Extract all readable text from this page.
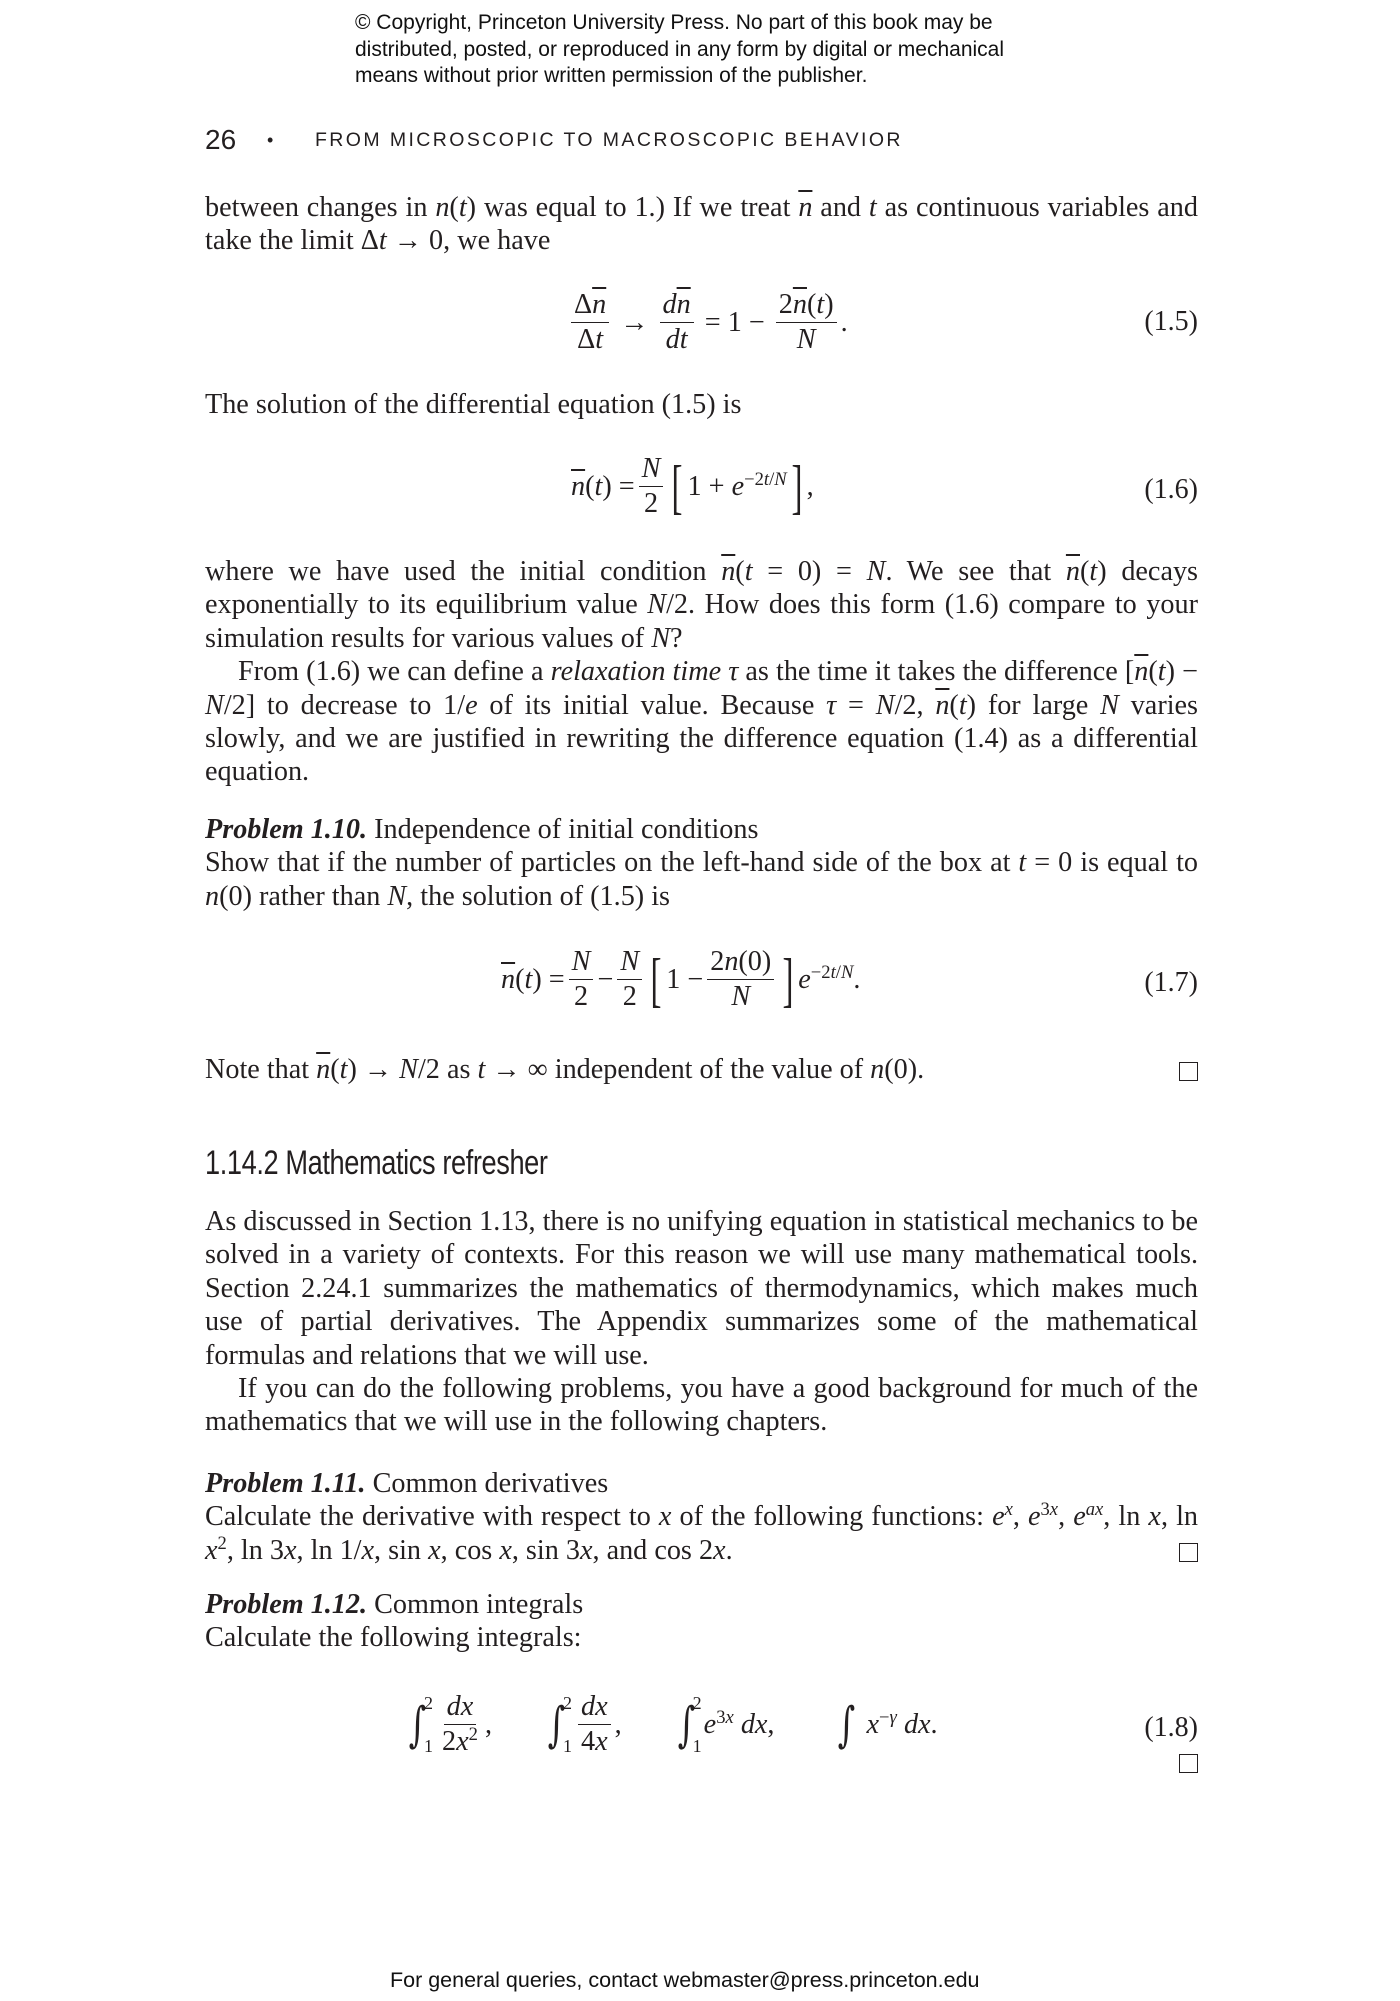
© Copyright, Princeton University Press. No part of this book may be
distributed, posted, or reproduced in any form by digital or mechanical
means without prior written permission of the publisher.
26	•	FROM MICROSCOPIC TO MACROSCOPIC BEHAVIOR

between changes in n(t) was equal to 1.) If we treat $\overline{n}$ and t as continuous variables and take the limit Δt → 0, we have

$\frac{\Delta\overline{n}}{\Delta t} \to \frac{d\overline{n}}{dt} = 1 - \frac{2\overline{n}(t)}{N}$ .	(1.5)

The solution of the differential equation (1.5) is

$\overline{n}(t) = \frac{N}{2}$ [ $1 + e^{-2t/N}$ ] ,	(1.6)

where we have used the initial condition $\overline{n}(t = 0) = N$. We see that $\overline{n}(t)$ decays exponentially to its equilibrium value N/2. How does this form (1.6) compare to your simulation results for various values of N?

From (1.6) we can define a relaxation time τ as the time it takes the difference $[\overline{n}(t) - N/2]$ to decrease to 1/e of its initial value. Because τ = N/2, $\overline{n}(t)$ for large N varies slowly, and we are justified in rewriting the difference equation (1.4) as a differential equation.

Problem 1.10. Independence of initial conditions

Show that if the number of particles on the left-hand side of the box at t = 0 is equal to n(0) rather than N, the solution of (1.5) is

$\overline{n}(t) = \frac{N}{2} - \frac{N}{2}$ [ $1 - \frac{2n(0)}{N}$ ] $e^{-2t/N}$.	(1.7)

Note that $\overline{n}(t) \to N/2$ as t → ∞ independent of the value of n(0).

1.14.2 Mathematics refresher

As discussed in Section 1.13, there is no unifying equation in statistical mechanics to be solved in a variety of contexts. For this reason we will use many mathematical tools. Section 2.24.1 summarizes the mathematics of thermodynamics, which makes much use of partial derivatives. The Appendix summarizes some of the mathematical formulas and relations that we will use.

If you can do the following problems, you have a good background for much of the mathematics that we will use in the following chapters.

Problem 1.11. Common derivatives

Calculate the derivative with respect to x of the following functions: $e^x$, $e^{3x}$, $e^{ax}$, ln x, $\ln x^2$, ln 3x, ln 1/x, sin x, cos x, sin 3x, and cos 2x.

Problem 1.12. Common integrals

Calculate the following integrals:

∫
2
$1 \frac{dx}{2x^2}$ , ∫
2
$1 \frac{dx}{4x}$ , ∫
2
1
$e^{3x}$ dx, ∫ $x^{-\gamma}$ dx.	(1.8)
For general queries, contact webmaster@press.princeton.edu
